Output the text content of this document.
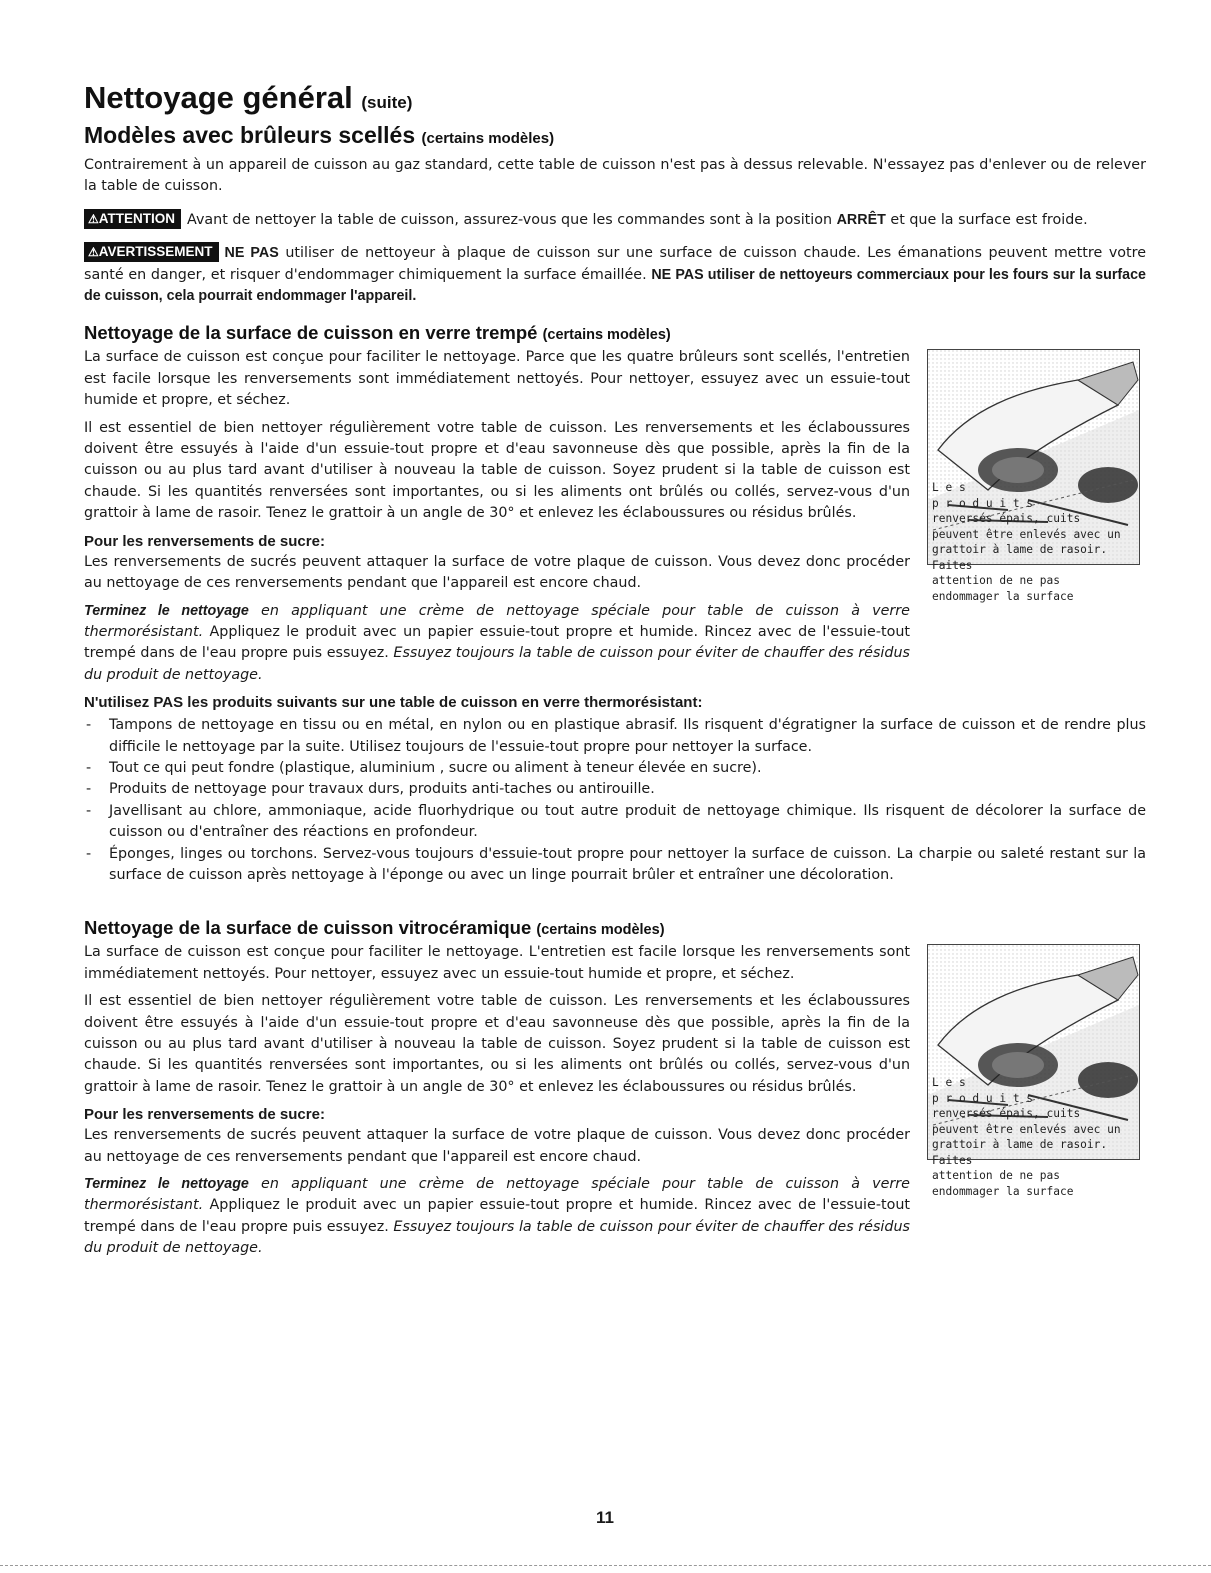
Nettoyage général (suite)
Modèles avec brûleurs scellés (certains modèles)

Contrairement à un appareil de cuisson au gaz standard, cette table de cuisson n'est pas à dessus relevable. N'essayez pas d'enlever ou de relever la table de cuisson.

⚠ATTENTION Avant de nettoyer la table de cuisson, assurez-vous que les commandes sont à la position ARRÊT et que la surface est froide.

⚠AVERTISSEMENT NE PAS utiliser de nettoyeur à plaque de cuisson sur une surface de cuisson chaude. Les émanations peuvent mettre votre santé en danger, et risquer d'endommager chimiquement la surface émaillée. NE PAS utiliser de nettoyeurs commerciaux pour les fours sur la surface de cuisson, cela pourrait endommager l'appareil.

Nettoyage de la surface de cuisson en verre trempé (certains modèles)
L e s
p r o d u i t s
renversés épais, cuits
peuvent être enlevés avec un
grattoir à lame de rasoir. Faites
attention de ne pas
endommager la surface

La surface de cuisson est conçue pour faciliter le nettoyage. Parce que les quatre brûleurs sont scellés, l'entretien est facile lorsque les renversements sont immédiatement nettoyés. Pour nettoyer, essuyez avec un essuie-tout humide et propre, et séchez.

Il est essentiel de bien nettoyer régulièrement votre table de cuisson. Les renversements et les éclaboussures doivent être essuyés à l'aide d'un essuie-tout propre et d'eau savonneuse dès que possible, après la fin de la cuisson ou au plus tard avant d'utiliser à nouveau la table de cuisson. Soyez prudent si la table de cuisson est chaude. Si les quantités renversées sont importantes, ou si les aliments ont brûlés ou collés, servez-vous d'un grattoir à lame de rasoir. Tenez le grattoir à un angle de 30° et enlevez les éclaboussures ou résidus brûlés.

Pour les renversements de sucre:

Les renversements de sucrés peuvent attaquer la surface de votre plaque de cuisson. Vous devez donc procéder au nettoyage de ces renversements pendant que l'appareil est encore chaud.

Terminez le nettoyage en appliquant une crème de nettoyage spéciale pour table de cuisson à verre thermorésistant. Appliquez le produit avec un papier essuie-tout propre et humide. Rincez avec de l'essuie-tout trempé dans de l'eau propre puis essuyez. Essuyez toujours la table de cuisson pour éviter de chauffer des résidus du produit de nettoyage.

N'utilisez PAS les produits suivants sur une table de cuisson en verre thermorésistant:
- Tampons de nettoyage en tissu ou en métal, en nylon ou en plastique abrasif. Ils risquent d'égratigner la surface de cuisson et de rendre plus difficile le nettoyage par la suite. Utilisez toujours de l'essuie-tout propre pour nettoyer la surface.
- Tout ce qui peut fondre (plastique, aluminium , sucre ou aliment à teneur élevée en sucre).
- Produits de nettoyage pour travaux durs, produits anti-taches ou antirouille.
- Javellisant au chlore, ammoniaque, acide fluorhydrique ou tout autre produit de nettoyage chimique. Ils risquent de décolorer la surface de cuisson ou d'entraîner des réactions en profondeur.
- Éponges, linges ou torchons. Servez-vous toujours d'essuie-tout propre pour nettoyer la surface de cuisson. La charpie ou saleté restant sur la surface de cuisson après nettoyage à l'éponge ou avec un linge pourrait brûler et entraîner une décoloration.
Nettoyage de la surface de cuisson vitrocéramique (certains modèles)
L e s
p r o d u i t s
renversés épais, cuits
peuvent être enlevés avec un
grattoir à lame de rasoir. Faites
attention de ne pas
endommager la surface

La surface de cuisson est conçue pour faciliter le nettoyage. L'entretien est facile lorsque les renversements sont immédiatement nettoyés. Pour nettoyer, essuyez avec un essuie-tout humide et propre, et séchez.

Il est essentiel de bien nettoyer régulièrement votre table de cuisson. Les renversements et les éclaboussures doivent être essuyés à l'aide d'un essuie-tout propre et d'eau savonneuse dès que possible, après la fin de la cuisson ou au plus tard avant d'utiliser à nouveau la table de cuisson. Soyez prudent si la table de cuisson est chaude. Si les quantités renversées sont importantes, ou si les aliments ont brûlés ou collés, servez-vous d'un grattoir à lame de rasoir. Tenez le grattoir à un angle de 30° et enlevez les éclaboussures ou résidus brûlés.

Pour les renversements de sucre:

Les renversements de sucrés peuvent attaquer la surface de votre plaque de cuisson. Vous devez donc procéder au nettoyage de ces renversements pendant que l'appareil est encore chaud.

Terminez le nettoyage en appliquant une crème de nettoyage spéciale pour table de cuisson à verre thermorésistant. Appliquez le produit avec un papier essuie-tout propre et humide. Rincez avec de l'essuie-tout trempé dans de l'eau propre puis essuyez. Essuyez toujours la table de cuisson pour éviter de chauffer des résidus du produit de nettoyage.

11
